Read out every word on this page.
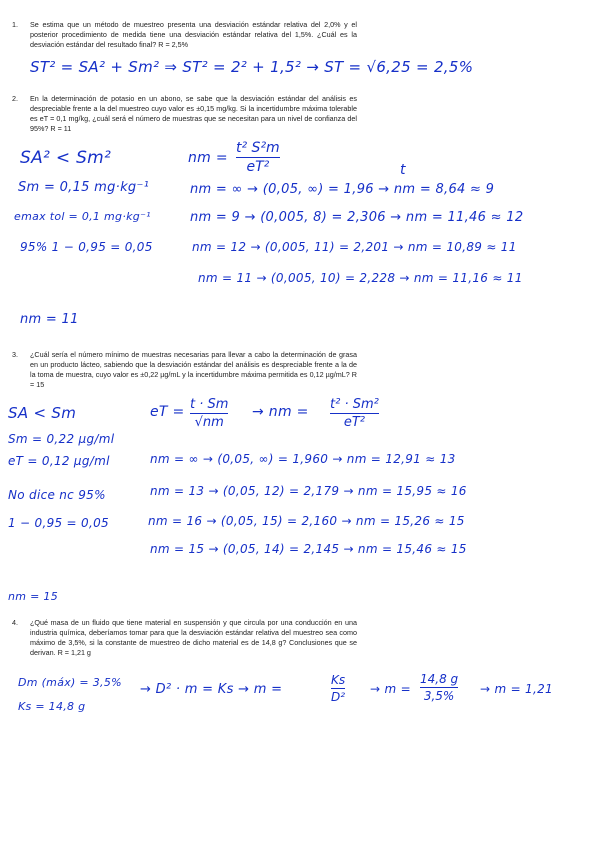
1. Se estima que un método de muestreo presenta una desviación estándar relativa del 2,0% y el posterior procedimiento de medida tiene una desviación estándar relativa del 1,5%. ¿Cuál es la desviación estándar del resultado final? R = 2,5%
2. En la determinación de potasio en un abono, se sabe que la desviación estándar del análisis es despreciable frente a la del muestreo cuyo valor es ±0,15 mg/kg. Si la incertidumbre máxima tolerable es eT = 0,1 mg/kg, ¿cuál será el número de muestras que se necesitan para un nivel de confianza del 95%? R = 11
3. ¿Cuál sería el número mínimo de muestras necesarias para llevar a cabo la determinación de grasa en un producto lácteo, sabiendo que la desviación estándar del análisis es despreciable frente a la de la toma de muestra, cuyo valor es ±0,22 µg/mL y la incertidumbre máxima permitida es 0,12 µg/mL? R = 15
4. ¿Qué masa de un fluido que tiene material en suspensión y que circula por una conducción en una industria química, deberíamos tomar para que la desviación estándar relativa del muestreo sea como máximo de 3,5%, si la constante de muestreo de dicho material es de 14,8 g? Conclusiones que se derivan. R = 1,21 g
ST² = SA² + Sm² ⇒ ST² = 2² + 1,5² → ST = √6,25 = 2,5%
SA² < Sm²	nm =
t² S²m
eT²	t
Sm = 0,15 mg·kg⁻¹
emax tol = 0,1 mg·kg⁻¹
95% 1 − 0,95 = 0,05
nm = ∞ → (0,05, ∞) = 1,96 → nm = 8,64 ≈ 9
nm = 9 → (0,005, 8) = 2,306 → nm = 11,46 ≈ 12
nm = 12 → (0,005, 11) = 2,201 → nm = 10,89 ≈ 11
nm = 11 → (0,005, 10) = 2,228 → nm = 11,16 ≈ 11
nm = 11
SA < Sm	eT = t · Sm
√nm
→ nm = t² · Sm²
eT²
Sm = 0,22 µg/ml
eT = 0,12 µg/ml
No dice nc 95%
1 − 0,95 = 0,05
nm = ∞ → (0,05, ∞) = 1,960 → nm = 12,91 ≈ 13
nm = 13 → (0,05, 12) = 2,179 → nm = 15,95 ≈ 16
nm = 16 → (0,05, 15) = 2,160 → nm = 15,26 ≈ 15
nm = 15 → (0,05, 14) = 2,145 → nm = 15,46 ≈ 15
nm = 15
Dm (máx) = 3,5%
Ks = 14,8 g
→ D² · m = Ks → m =
Ks
D²
→ m =
14,8 g
3,5% → m = 1,21
